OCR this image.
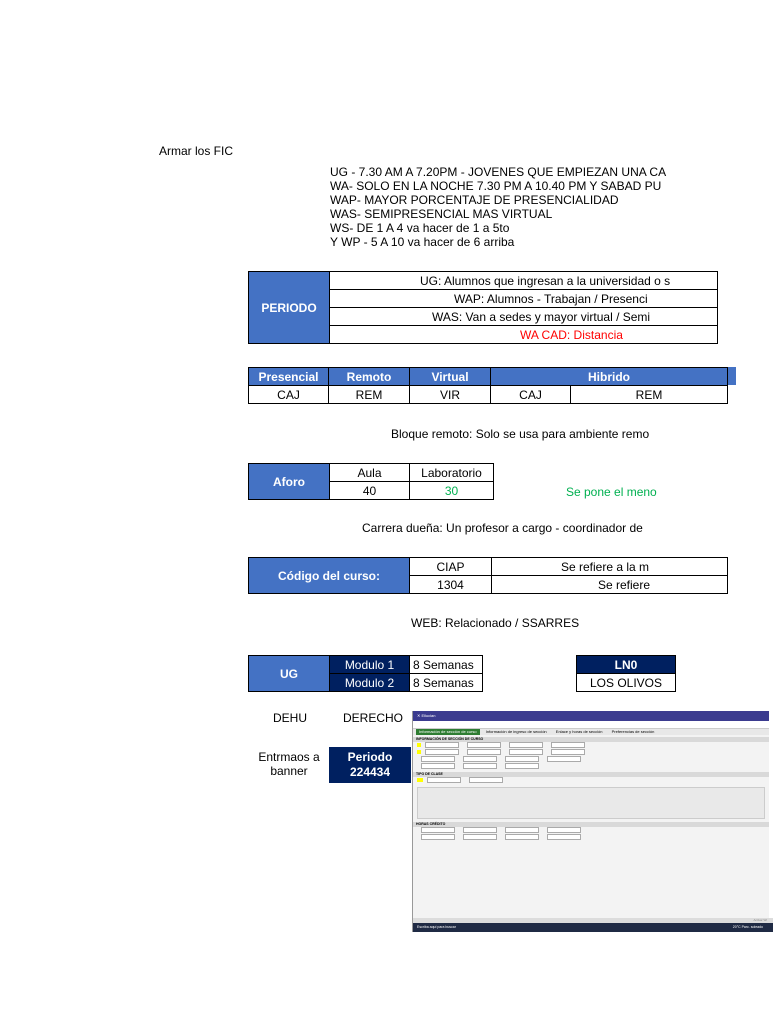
Armar los FIC
UG - 7.30 AM A 7.20PM - JOVENES QUE EMPIEZAN UNA CA
WA- SOLO EN LA NOCHE 7.30 PM A 10.40 PM Y SABAD PU
WAP- MAYOR PORCENTAJE DE PRESENCIALIDAD
WAS- SEMIPRESENCIAL MAS VIRTUAL
WS- DE 1 A 4 va hacer de 1 a 5to
Y WP - 5 A 10 va hacer de 6 arriba
PERIODO	UG: Alumnos que ingresan a la universidad o s
WAP: Alumnos - Trabajan / Presenci
WAS: Van a sedes y mayor virtual / Semi
WA CAD: Distancia
Presencial	Remoto	Virtual	Hibrido	
CAJ	REM	VIR	CAJ	REM
Bloque remoto: Solo se usa para ambiente remo
Aforo	Aula	Laboratorio
	40	30	Se pone el meno
Carrera dueña: Un profesor a cargo - coordinador de
Código del curso:	CIAP	Se refiere a la m
	1304	Se refiere
WEB: Relacionado / SSARRES
UG	Modulo 1	8 Semanas
	Modulo 2	8 Semanas
LN0
LOS OLIVOS
DEHU	DERECHO
Entrmaos a banner
Periodo
224434
✕ Ellucian
Información de sección de curso Información de ingreso de sección Enlace y horas de sección Preferencias de sección
INFORMACIÓN DE SECCIÓN DE CURSO

TIPO DE CLASE

HORAS CRÉDITO
Activar Wi
Escriba aquí para buscar	20°C Parc. soleado
